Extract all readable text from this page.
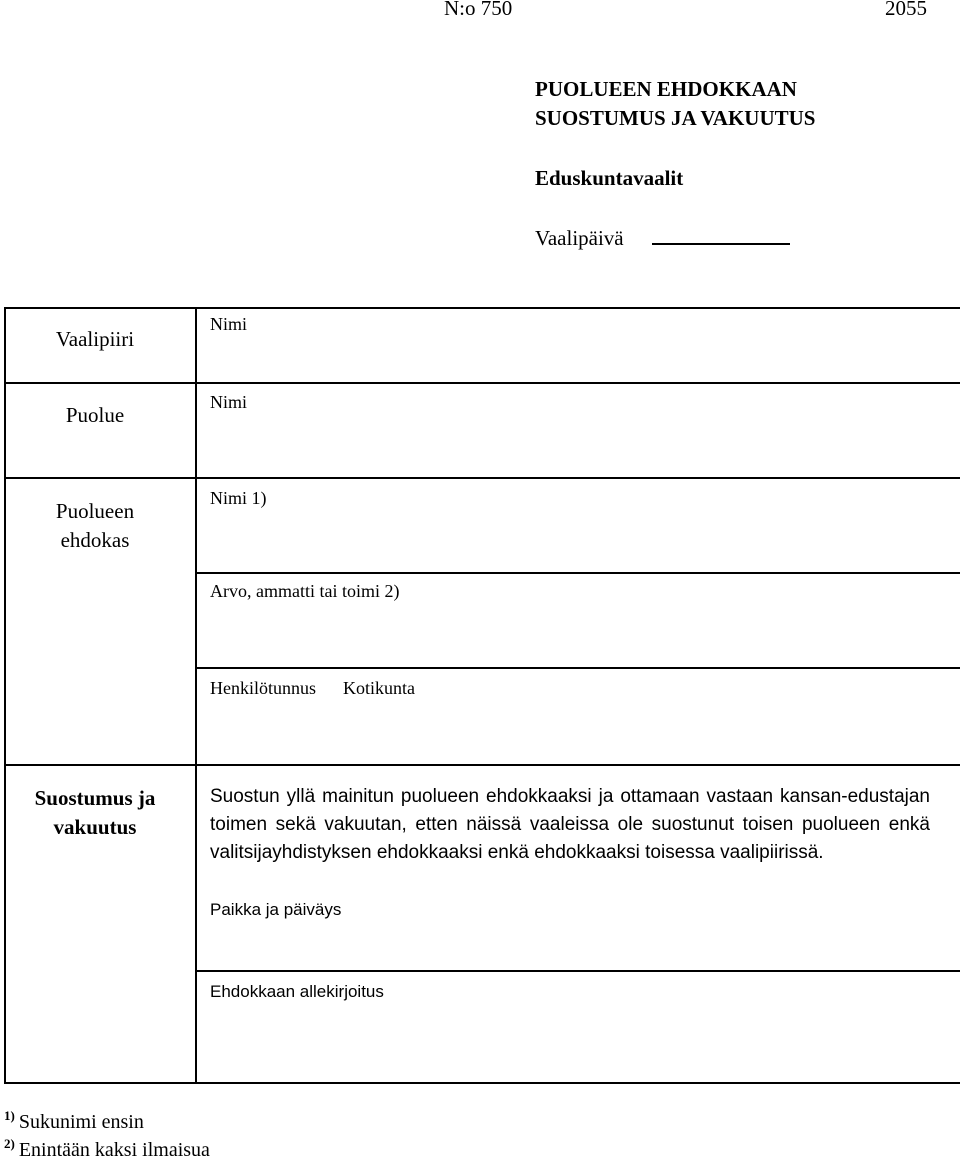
N:o 750	2055
PUOLUEEN EHDOKKAAN
SUOSTUMUS JA VAKUUTUS
Eduskuntavaalit
Vaalipäivä
Vaalipiiri
Nimi
Puolue
Nimi
Puolueen
ehdokas
Nimi 1)
Arvo, ammatti tai toimi 2)
Henkilötunnus Kotikunta
Suostumus ja
vakuutus

Suostun yllä mainitun puolueen ehdokkaaksi ja ottamaan vastaan kansan-edustajan toimen sekä vakuutan, etten näissä vaaleissa ole suostunut toisen puolueen enkä valitsijayhdistyksen ehdokkaaksi enkä ehdokkaaksi toisessa vaalipiirissä.

Paikka ja päiväys
Ehdokkaan allekirjoitus
$^{1)}$ Sukunimi ensin
$^{2)}$ Enintään kaksi ilmaisua
